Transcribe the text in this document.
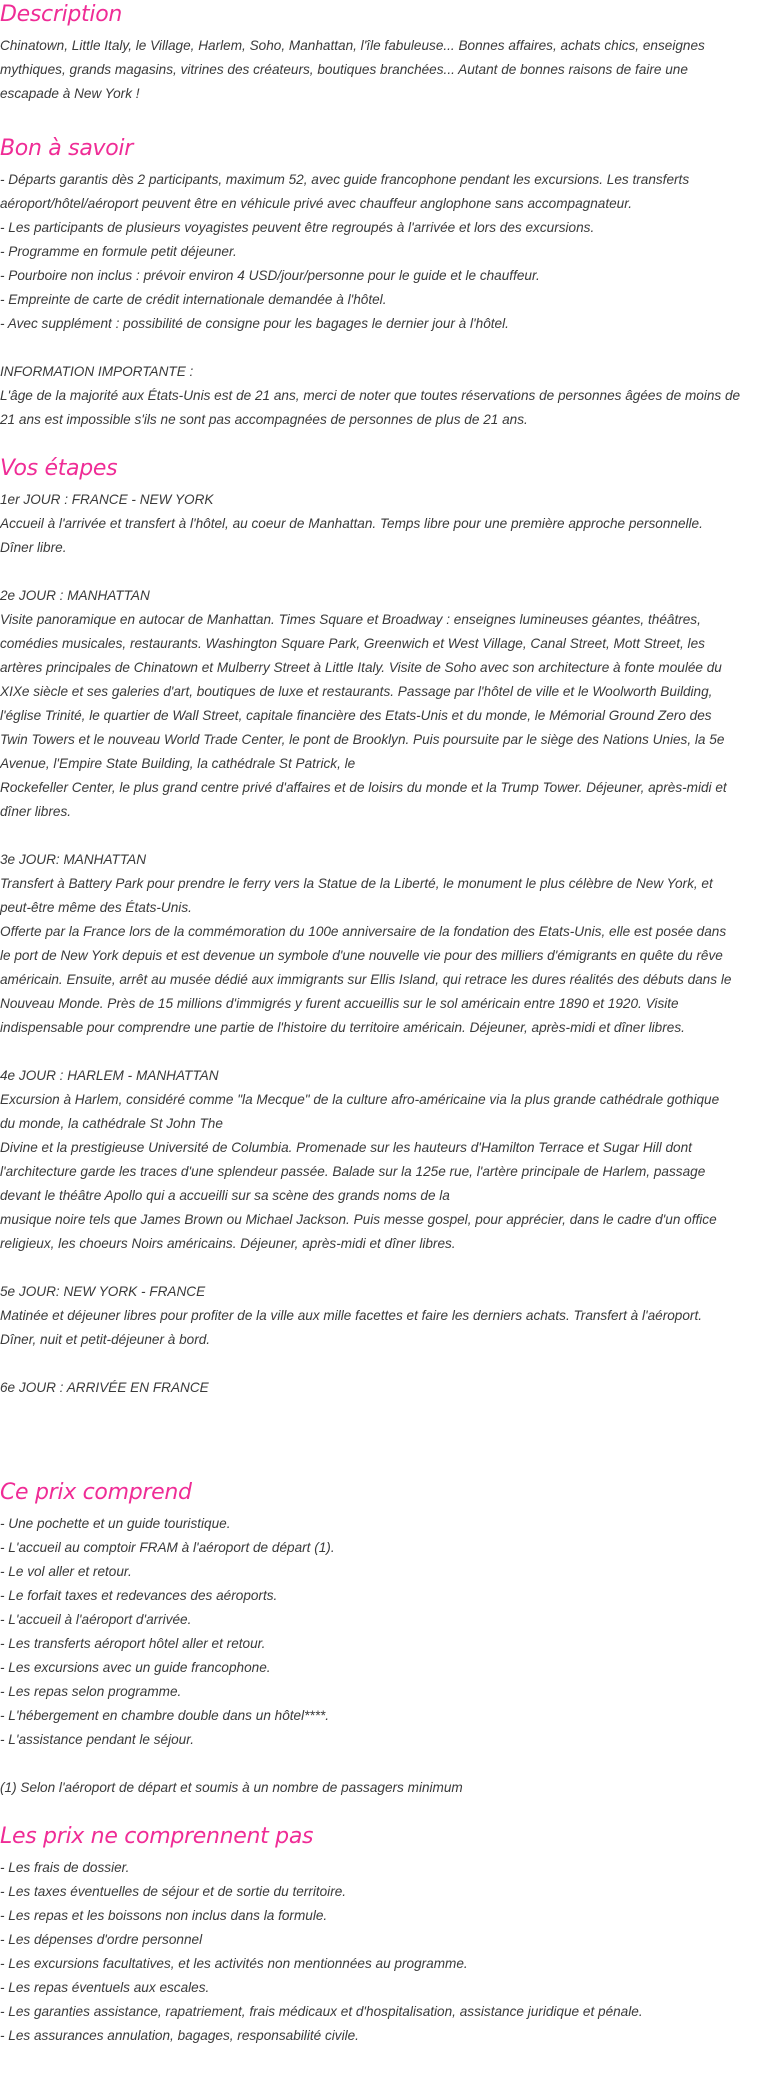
Description
Chinatown, Little Italy, le Village, Harlem, Soho, Manhattan, l'île fabuleuse... Bonnes affaires, achats chics, enseignes
mythiques, grands magasins, vitrines des créateurs, boutiques branchées... Autant de bonnes raisons de faire une
escapade à New York !
Bon à savoir
- Départs garantis dès 2 participants, maximum 52, avec guide francophone pendant les excursions. Les transferts
aéroport/hôtel/aéroport peuvent être en véhicule privé avec chauffeur anglophone sans accompagnateur.
- Les participants de plusieurs voyagistes peuvent être regroupés à l'arrivée et lors des excursions.
- Programme en formule petit déjeuner.
- Pourboire non inclus : prévoir environ 4 USD/jour/personne pour le guide et le chauffeur.
- Empreinte de carte de crédit internationale demandée à l'hôtel.
- Avec supplément : possibilité de consigne pour les bagages le dernier jour à l'hôtel.
INFORMATION IMPORTANTE :
L'âge de la majorité aux États-Unis est de 21 ans, merci de noter que toutes réservations de personnes âgées de moins de
21 ans est impossible s'ils ne sont pas accompagnées de personnes de plus de 21 ans.
Vos étapes
1er JOUR : FRANCE - NEW YORK
Accueil à l'arrivée et transfert à l'hôtel, au coeur de Manhattan. Temps libre pour une première approche personnelle.
Dîner libre.
2e JOUR : MANHATTAN
Visite panoramique en autocar de Manhattan. Times Square et Broadway : enseignes lumineuses géantes, théâtres,
comédies musicales, restaurants. Washington Square Park, Greenwich et West Village, Canal Street, Mott Street, les
artères principales de Chinatown et Mulberry Street à Little Italy. Visite de Soho avec son architecture à fonte moulée du
XIXe siècle et ses galeries d'art, boutiques de luxe et restaurants. Passage par l'hôtel de ville et le Woolworth Building,
l'église Trinité, le quartier de Wall Street, capitale financière des Etats-Unis et du monde, le Mémorial Ground Zero des
Twin Towers et le nouveau World Trade Center, le pont de Brooklyn. Puis poursuite par le siège des Nations Unies, la 5e
Avenue, l'Empire State Building, la cathédrale St Patrick, le
Rockefeller Center, le plus grand centre privé d'affaires et de loisirs du monde et la Trump Tower. Déjeuner, après-midi et
dîner libres.
3e JOUR: MANHATTAN
Transfert à Battery Park pour prendre le ferry vers la Statue de la Liberté, le monument le plus célèbre de New York, et
peut-être même des États-Unis.
Offerte par la France lors de la commémoration du 100e anniversaire de la fondation des Etats-Unis, elle est posée dans
le port de New York depuis et est devenue un symbole d'une nouvelle vie pour des milliers d'émigrants en quête du rêve
américain. Ensuite, arrêt au musée dédié aux immigrants sur Ellis Island, qui retrace les dures réalités des débuts dans le
Nouveau Monde. Près de 15 millions d'immigrés y furent accueillis sur le sol américain entre 1890 et 1920. Visite
indispensable pour comprendre une partie de l'histoire du territoire américain. Déjeuner, après-midi et dîner libres.
4e JOUR : HARLEM - MANHATTAN
Excursion à Harlem, considéré comme "la Mecque" de la culture afro-américaine via la plus grande cathédrale gothique
du monde, la cathédrale St John The
Divine et la prestigieuse Université de Columbia. Promenade sur les hauteurs d'Hamilton Terrace et Sugar Hill dont
l'architecture garde les traces d'une splendeur passée. Balade sur la 125e rue, l'artère principale de Harlem, passage
devant le théâtre Apollo qui a accueilli sur sa scène des grands noms de la
musique noire tels que James Brown ou Michael Jackson. Puis messe gospel, pour apprécier, dans le cadre d'un office
religieux, les choeurs Noirs américains. Déjeuner, après-midi et dîner libres.
5e JOUR: NEW YORK - FRANCE
Matinée et déjeuner libres pour profiter de la ville aux mille facettes et faire les derniers achats. Transfert à l'aéroport.
Dîner, nuit et petit-déjeuner à bord.
6e JOUR : ARRIVÉE EN FRANCE
Ce prix comprend
- Une pochette et un guide touristique.
- L'accueil au comptoir FRAM à l'aéroport de départ (1).
- Le vol aller et retour.
- Le forfait taxes et redevances des aéroports.
- L'accueil à l'aéroport d'arrivée.
- Les transferts aéroport hôtel aller et retour.
- Les excursions avec un guide francophone.
- Les repas selon programme.
- L'hébergement en chambre double dans un hôtel****.
- L'assistance pendant le séjour.
(1) Selon l'aéroport de départ et soumis à un nombre de passagers minimum
Les prix ne comprennent pas
- Les frais de dossier.
- Les taxes éventuelles de séjour et de sortie du territoire.
- Les repas et les boissons non inclus dans la formule.
- Les dépenses d'ordre personnel
- Les excursions facultatives, et les activités non mentionnées au programme.
- Les repas éventuels aux escales.
- Les garanties assistance, rapatriement, frais médicaux et d'hospitalisation, assistance juridique et pénale.
- Les assurances annulation, bagages, responsabilité civile.
